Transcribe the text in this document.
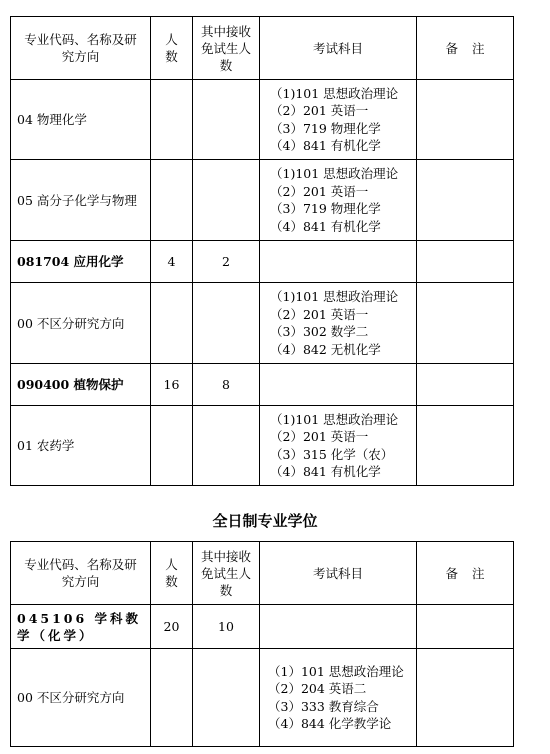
专业代码、名称及研究方向	人数	其中接收免试生人数	考试科目	备注
04 物理化学			（1)101 思想政治理论
（2）201 英语一
（3）719 物理化学
（4）841 有机化学	

05 高分子化学与物理			（1)101 思想政治理论
（2）201 英语一
（3）719 物理化学
（4）841 有机化学	

081704 应用化学	4	2		
00 不区分研究方向			（1)101 思想政治理论
（2）201 英语一
（3）302 数学二
（4）842 无机化学	

090400 植物保护	16	8		
01 农药学			（1)101 思想政治理论
（2）201 英语一
（3）315 化学（农）
（4）841 有机化学	

全日制专业学位
专业代码、名称及研究方向	人数	其中接收免试生人数	考试科目	备注
045106 学科教学（化学）	20	10		
00 不区分研究方向			（1）101 思想政治理论
（2）204 英语二
（3）333 教育综合
（4）844 化学教学论	
